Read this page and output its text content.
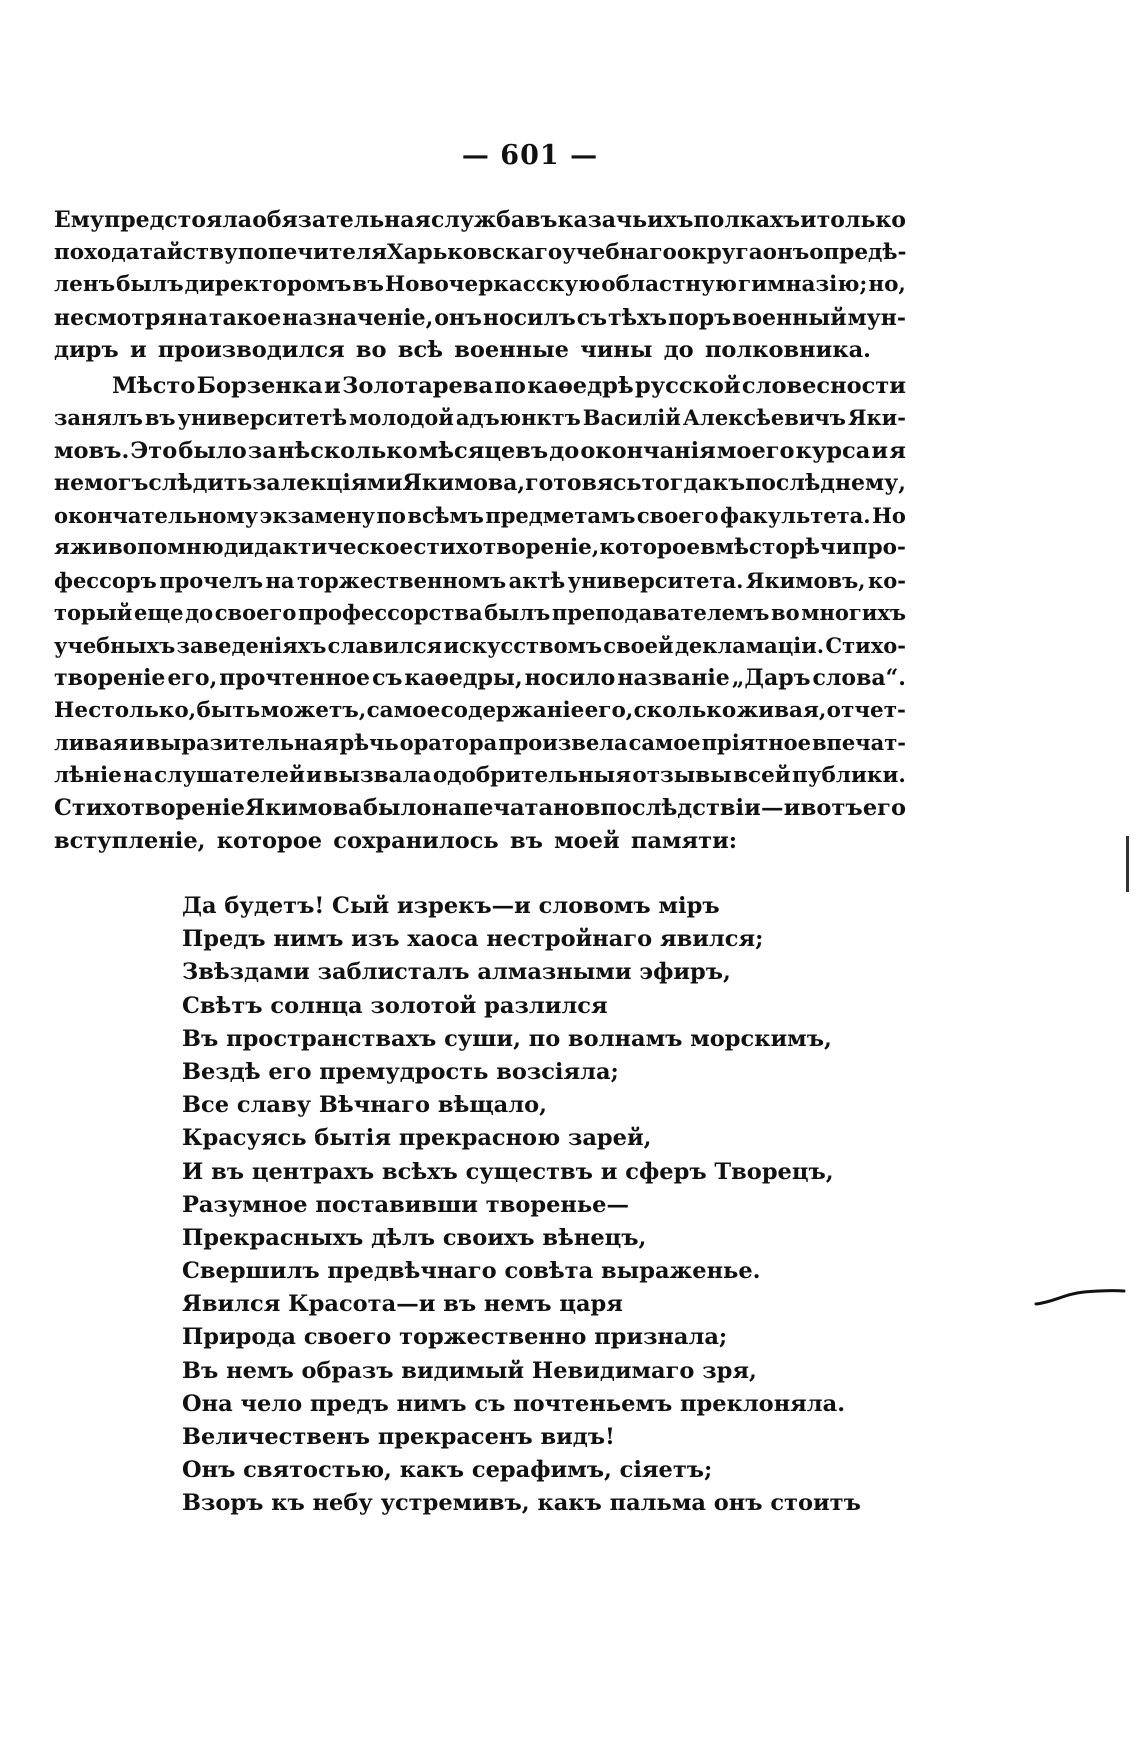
— 601 —
Ему предстояла обязательная служба въ казачьихъ полкахъ и только
по ходатайству попечителя Харьковскаго учебнаго округа онъ опредѣ-
ленъ былъ директоромъ въ Новочеркасскую областную гимназію; но,
несмотря на такое назначеніе, онъ носилъ съ тѣхъ поръ военный мун-
диръ и производился во всѣ военные чины до полковника.
Мѣсто Борзенка и Золотарева по каѳедрѣ русской словесности
занялъ въ университетѣ молодой адъюнктъ Василій Алексѣевичъ Яки-
мовъ. Это было за нѣсколько мѣсяцевъ до окончанія моего курса и я
не могъ слѣдить за лекціями Якимова, готовясь тогда къ послѣднему,
окончательному экзамену по всѣмъ предметамъ своего факультета. Но
я живо помню дидактическое стихотвореніе, которое вмѣсто рѣчи про-
фессоръ прочелъ на торжественномъ актѣ университета. Якимовъ, ко-
торый еще до своего профессорства былъ преподавателемъ во многихъ
учебныхъ заведеніяхъ славился искусствомъ своей декламаціи. Стихо-
твореніе его, прочтенное съ каѳедры, носило названіе „Даръ слова“.
Не столько, быть можетъ, самое содержаніе его, сколько живая, отчет-
ливая и выразительная рѣчь оратора произвела самое пріятное впечат-
лѣніе на слушателей и вызвала одобрительныя отзывы всей публики.
Стихотвореніе Якимова было напечатано впослѣдствіи — и вотъ его
вступленіе, которое сохранилось въ моей памяти:
Да будетъ! Сый изрекъ—и словомъ міръ
Предъ нимъ изъ хаоса нестройнаго явился;
Звѣздами заблисталъ алмазными эфиръ,
Свѣтъ солнца золотой разлился
Въ пространствахъ суши, по волнамъ морскимъ,
Вездѣ его премудрость возсіяла;
Все славу Вѣчнаго вѣщало,
Красуясь бытія прекрасною зарей,
И въ центрахъ всѣхъ существъ и сферъ Творецъ,
Разумное поставивши творенье—
Прекрасныхъ дѣлъ своихъ вѣнецъ,
Свершилъ предвѣчнаго совѣта выраженье.
Явился Красота—и въ немъ царя
Природа своего торжественно признала;
Въ немъ образъ видимый Невидимаго зря,
Она чело предъ нимъ съ почтеньемъ преклоняла.
Величественъ прекрасенъ видъ!
Онъ святостью, какъ серафимъ, сіяетъ;
Взоръ къ небу устремивъ, какъ пальма онъ стоитъ
